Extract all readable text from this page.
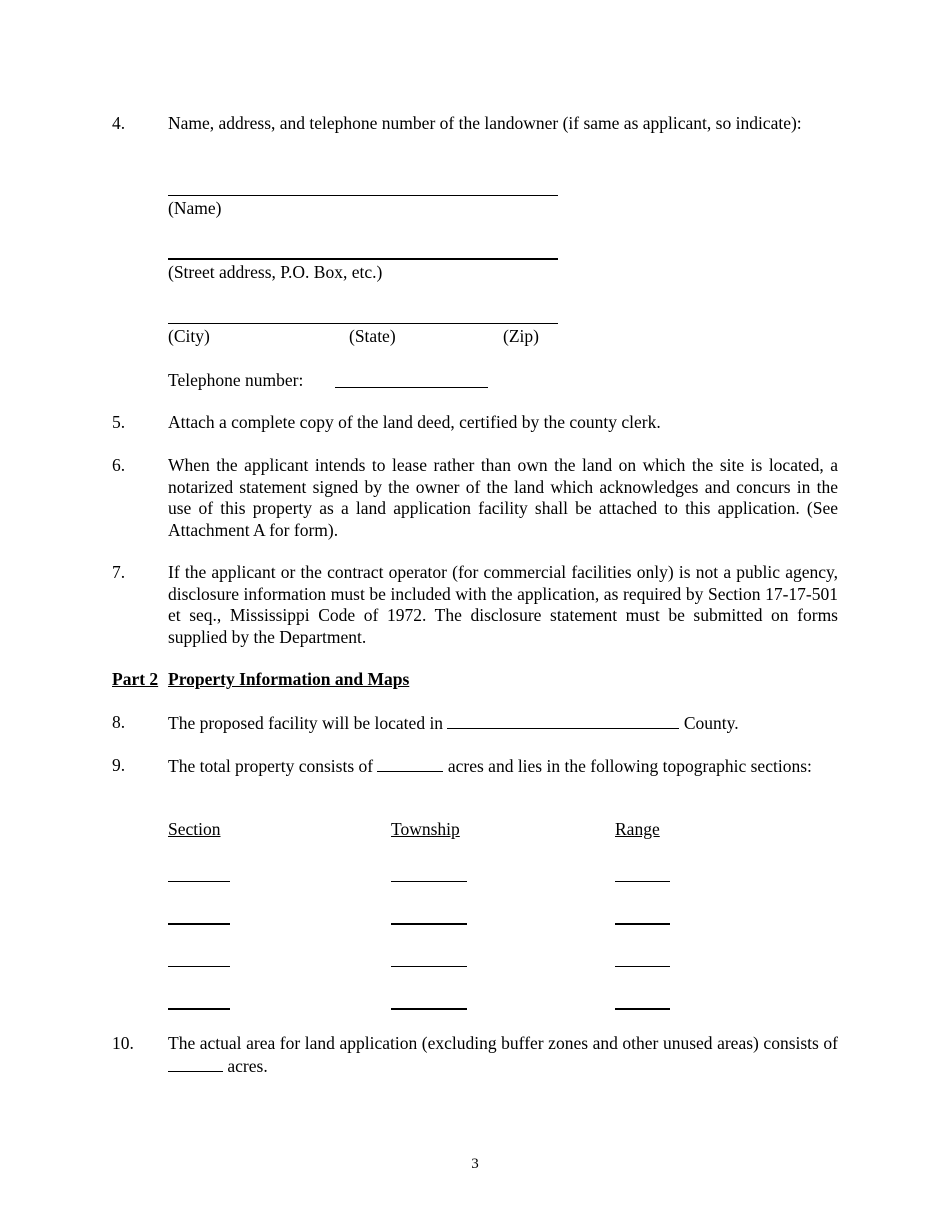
4. Name, address, and telephone number of the landowner (if same as applicant, so indicate):
(Name)
(Street address, P.O. Box, etc.)
(City)	(State)	(Zip)
Telephone number:
5. Attach a complete copy of the land deed, certified by the county clerk.
6. When the applicant intends to lease rather than own the land on which the site is located, a notarized statement signed by the owner of the land which acknowledges and concurs in the use of this property as a land application facility shall be attached to this application. (See Attachment A for form).
7. If the applicant or the contract operator (for commercial facilities only) is not a public agency, disclosure information must be included with the application, as required by Section 17-17-501 et seq., Mississippi Code of 1972. The disclosure statement must be submitted on forms supplied by the Department.
Part 2 Property Information and Maps
8. The proposed facility will be located in	County.
9. The total property consists of	acres and lies in the following topographic sections:
Section	Township	Range
10. The actual area for land application (excluding buffer zones and other unused areas) consists of  acres.
3
